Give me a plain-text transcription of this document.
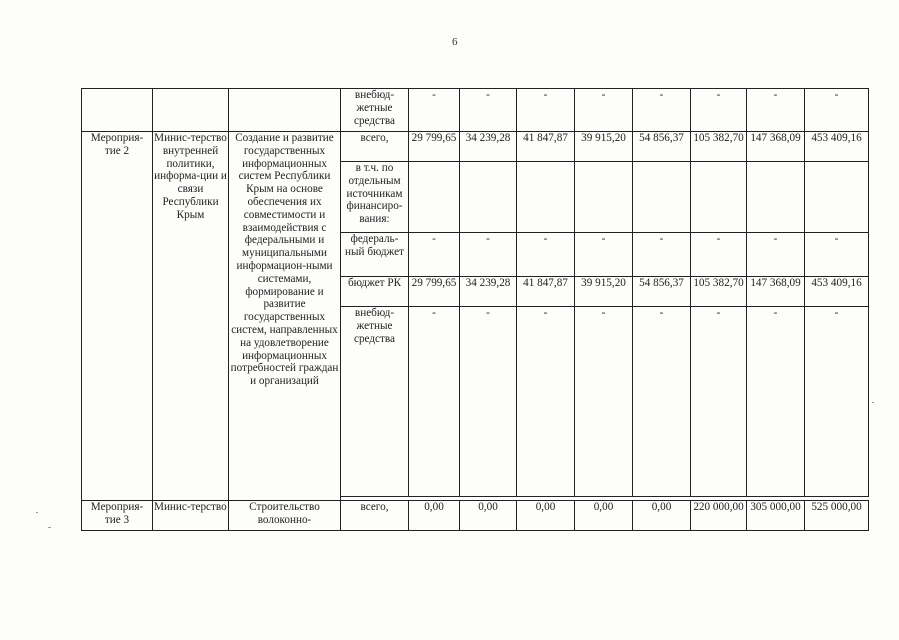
6
			внебюд-жетные средства	-	-	-	-	-	-	-	-
Мероприя-тие 2	Минис-терство внутренней политики, информа-ции и связи Республики Крым	Создание и развитие государственных информационных систем Республики Крым на основе обеспечения их совместимости и взаимодействия с федеральными и муниципальными информацион-ными системами, формирование и развитие государственных систем, направленных на удовлетворение информационных потребностей граждан и организаций	всего,	29 799,65	34 239,28	41 847,87	39 915,20	54 856,37	105 382,70	147 368,09	453 409,16
			в т.ч. по отдельным источникам финансиро-вания:								
			федераль-ный бюджет	-	-	-	-	-	-	-	-
			бюджет РК	29 799,65	34 239,28	41 847,87	39 915,20	54 856,37	105 382,70	147 368,09	453 409,16
			внебюд-жетные средства	-	-	-	-	-	-	-	-

Мероприя-тие 3	Минис-терство	Строительство волоконно-	всего,	0,00	0,00	0,00	0,00	0,00	220 000,00	305 000,00	525 000,00
